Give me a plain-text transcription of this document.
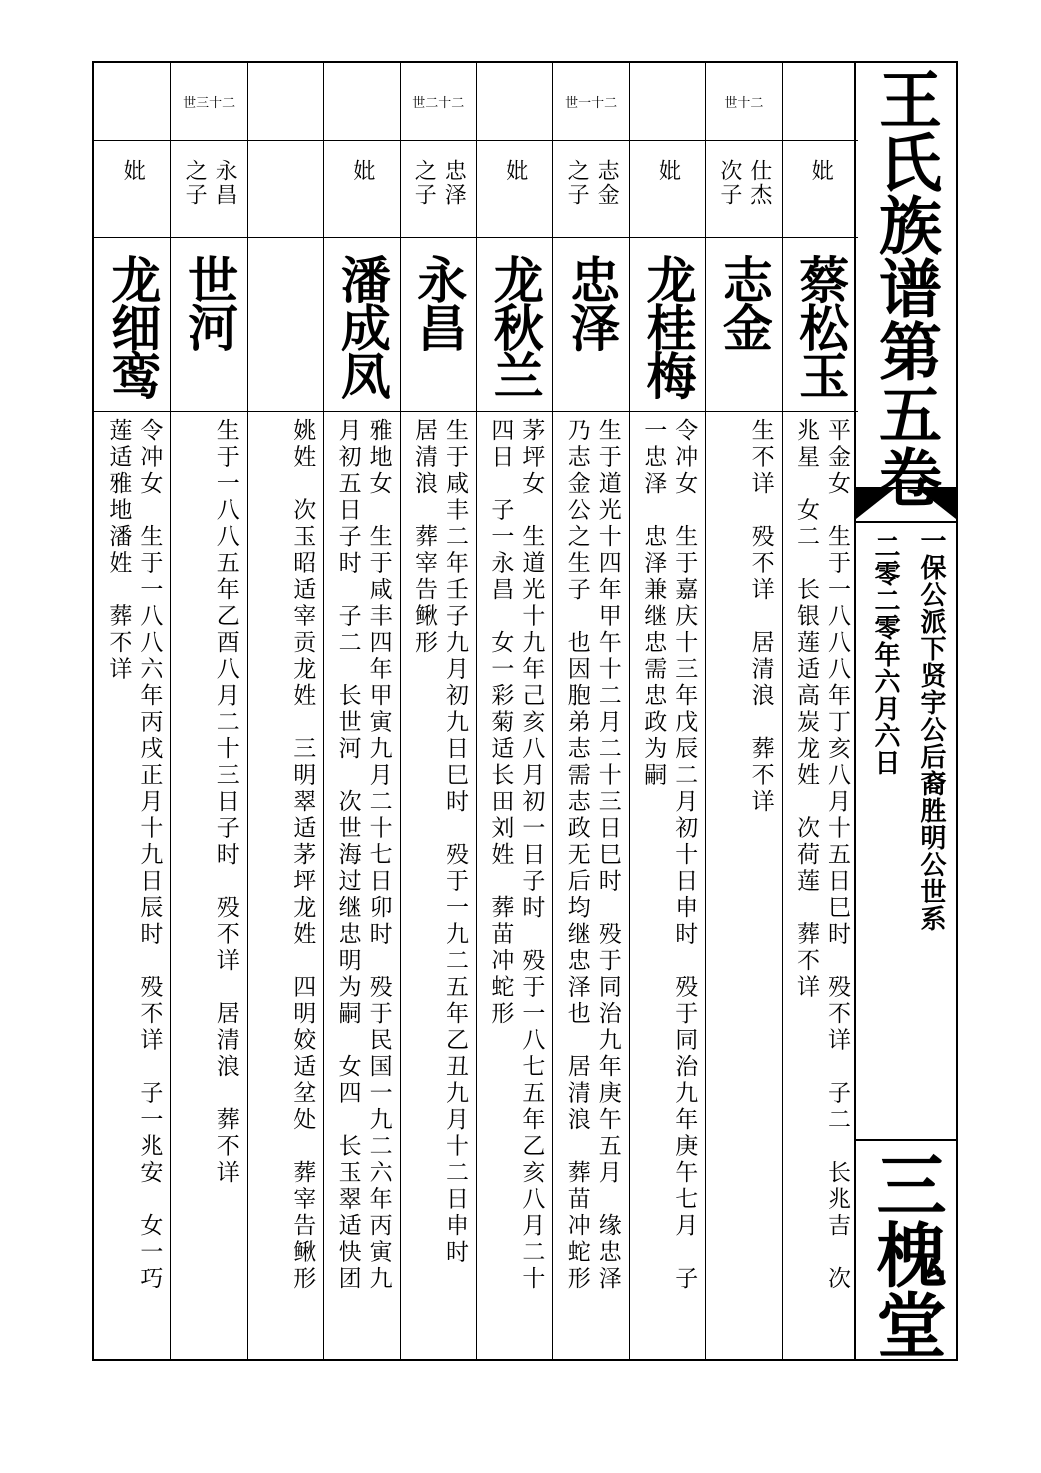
妣
龙细鸾
令冲女　生于一八八六年丙戌正月十九日辰时　殁不详　子一兆安　女一巧
莲适雅地潘姓　葬不详
世三十二
永昌
之子
世河
生于一八八五年乙酉八月二十三日子时　殁不详　居清浪　葬不详 姚姓　次玉昭适宰贡龙姓　三明翠适茅坪龙姓　四明姣适坌处　葬宰告鳅形
妣
潘成凤
雅地女　生于咸丰四年甲寅九月二十七日卯时　殁于民国一九二六年丙寅九
月初五日子时　子二　长世河　次世海过继忠明为嗣　女四　长玉翠适快团
世二十二
忠泽
之子
永昌
生于咸丰二年壬子九月初九日巳时　殁于一九二五年乙丑九月十二日申时
居清浪　葬宰告鳅形
妣
龙秋兰
茅坪女　生道光十九年己亥八月初一日子时　殁于一八七五年乙亥八月二十
四日　子一永昌　女一彩菊适长田刘姓　葬苗冲蛇形
世一十二
志金
之子
忠泽
生于道光十四年甲午十二月二十三日巳时　殁于同治九年庚午五月　缘忠泽
乃志金公之生子　也因胞弟志需志政无后均继忠泽也　居清浪　葬苗冲蛇形
妣
龙桂梅
令冲女　生于嘉庆十三年戊辰二月初十日申时　殁于同治九年庚午七月　子
一忠泽　忠泽兼继忠需忠政为嗣
世十二
仕杰
次子
志金
生不详　殁不详　居清浪　葬不详
妣
蔡松玉
平金女　生于一八八八年丁亥八月十五日巳时　殁不详　子二　长兆吉　次
兆星　女二　长银莲适高炭龙姓　次荷莲　葬不详
王氏族谱第五卷
一保公派下贤宇公后裔胜明公世系
二零二零年六月六日
三槐堂
